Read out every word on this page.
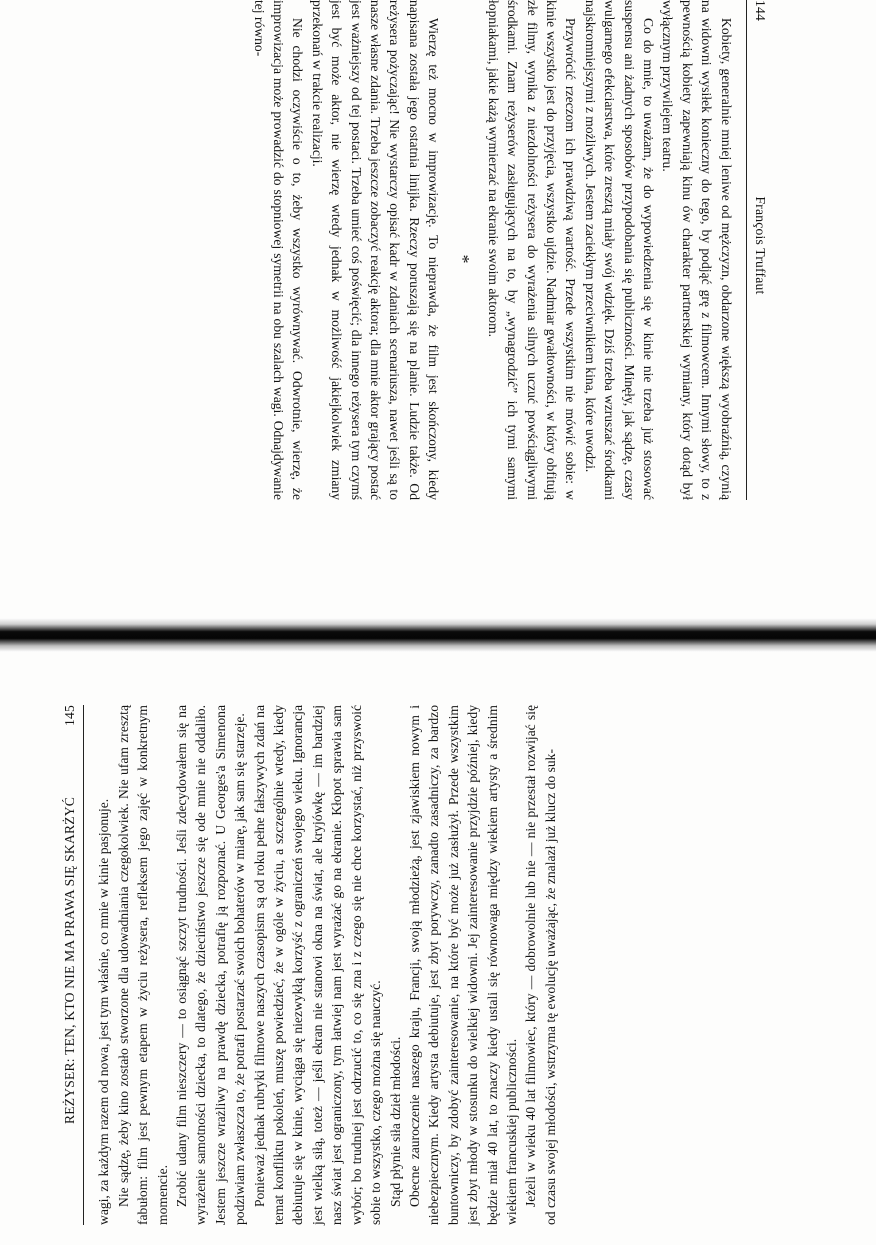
144
François Truffaut

Kobiety, generalnie mniej leniwe od mężczyzn, obdarzone większą wyobraźnią, czynią na widowni wysiłek konieczny do tego, by podjąć grę z filmowcem. Innymi słowy, to z pewnością kobiety zapewniają kinu ów charakter partnerskiej wymiany, który dotąd był wyłącznym przywilejem teatru.

Co do mnie, to uważam, że do wypowiedzenia się w kinie nie trzeba już stosować suspensu ani żadnych sposobów przypodobania się publiczności. Minęły, jak sądzę, czasy wulgarnego efekciarstwa, które zresztą miały swój wdzięk. Dziś trzeba wzruszać środkami najskromniejszymi z możliwych. Jestem zaciekłym przeciwnikiem kina, które uwodzi.

Przywrócić rzeczom ich prawdziwą wartość. Przede wszystkim nie mówić sobie: w kinie wszystko jest do przyjęcia, wszystko ujdzie. Nadmiar gwałtowności, w który obfitują złe filmy, wynika z niezdolności reżysera do wyrażenia silnych uczuć powściągliwymi środkami. Znam reżyserów zasługujących na to, by „wynagrodzić” ich tymi samymi łopniakami, jakie każą wymierzać na ekranie swoim aktorom.

*

Wierzę też mocno w improwizację. To nieprawda, że film jest skończony, kiedy napisana została jego ostatnia linijka. Rzeczy poruszają się na planie. Ludzie także. Od reżysera pożyczając! Nie wystarczy opisać kadr w zdaniach scenariusza, nawet jeśli są to nasze własne zdania. Trzeba jeszcze zobaczyć reakcję aktora; dla mnie aktor grający postać jest ważniejszy od tej postaci. Trzeba umieć coś poświęcić; dla innego reżysera tym czymś jest być może aktor, nie wierzę wtedy jednak w możliwość jakiejkolwiek zmiany przekonań w trakcie realizacji.

Nie chodzi oczywiście o to, żeby wszystko wyrównywać. Odwrotnie, wierzę, że improwizacja może prowadzić do stopniowej symetrii na obu szalach wagi. Odnajdywanie tej równo-

REŻYSER: TEN, KTO NIE MA PRAWA SIĘ SKARŻYĆ
145

wagi, za każdym razem od nowa, jest tym właśnie, co mnie w kinie pasjonuje. Nie sądzę, żeby kino zostało stworzone dla udowadniania czegokolwiek. Nie ufam zresztą fabułom: film jest pewnym etapem w życiu reżysera, refleksem jego zajęć w konkretnym momencie. Zrobić udany film nieszczery — to osiągnąć szczyt trudności. Jeśli zdecydowałem się na wyrażenie samotności dziecka, to dlatego, że dzieciństwo jeszcze się ode mnie nie oddaliło. Jestem jeszcze wrażliwy na prawdę dziecka, potrafię ją rozpoznać. U Georges'a Simenona podziwiam zwłaszcza to, że potrafi postarzać swoich bohaterów w miarę, jak sam się starzeje. Ponieważ jednak rubryki filmowe naszych czasopism są od roku pełne fałszywych zdań na temat konfliktu pokoleń, muszę powiedzieć, że w ogóle w życiu, a szczególnie wtedy, kiedy debiutuje się w kinie, wyciąga się niezwykłą korzyść z ograniczeń swojego wieku. Ignorancja jest wielką siłą, toteż — jeśli ekran nie stanowi okna na świat, ale kryjówkę — im bardziej nasz świat jest ograniczony, tym łatwiej nam jest wyrażać go na ekranie. Kłopot sprawia sam wybór; bo trudniej jest odrzucić to, co się zna i z czego się nie chce korzystać, niż przyswoić sobie to wszystko, czego można się nauczyć. Stąd płynie siła dzieł młodości. Obecne zauroczenie naszego kraju, Francji, swoją młodzieżą, jest zjawiskiem nowym i niebezpiecznym. Kiedy artysta debiutuje, jest zbyt porywczy, zanadto zasadniczy, za bardzo buntowniczy, by zdobyć zainteresowanie, na które być może już zasłużył. Przede wszystkim jest zbyt młody w stosunku do wielkiej widowni. Jej zainteresowanie przyjdzie później, kiedy będzie miał 40 lat, to znaczy kiedy ustali się równowaga między wiekiem artysty a średnim wiekiem francuskiej publiczności. Jeżeli w wieku 40 lat filmowiec, który — dobrowolnie lub nie — nie przestał rozwijać się od czasu swojej młodości, wstrzyma tę ewolucję uważając, że znalazł już klucz do suk-
